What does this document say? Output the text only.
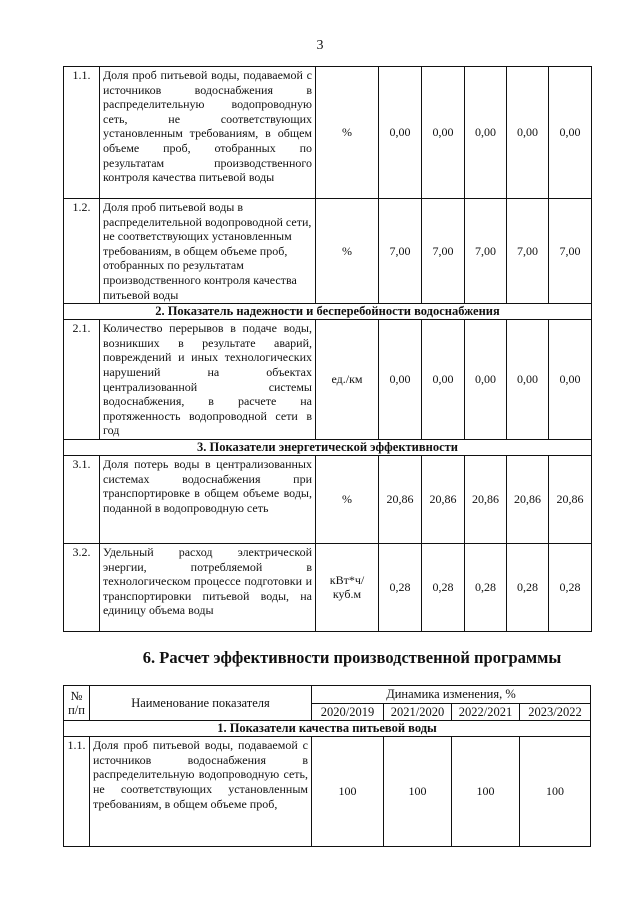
3
1.1.	Доля проб питьевой воды, подаваемой с источников водоснабжения в распределительную водопроводную сеть, не соответствующих установленным требованиям, в общем объеме проб, отобранных по результатам производственного контроля качества питьевой воды	%	0,00	0,00	0,00	0,00	0,00
1.2.	Доля проб питьевой воды в распределительной водопроводной сети, не соответствующих установленным требованиям, в общем объеме проб, отобранных по результатам производственного контроля качества питьевой воды	%	7,00	7,00	7,00	7,00	7,00
2. Показатель надежности и бесперебойности водоснабжения							
2.1.	Количество перерывов в подаче воды, возникших в результате аварий, повреждений и иных технологических нарушений на объектах централизованной системы водоснабжения, в расчете на протяженность водопроводной сети в год	ед./км	0,00	0,00	0,00	0,00	0,00
3. Показатели энергетической эффективности							
3.1.	Доля потерь воды в централизованных системах водоснабжения при транспортировке в общем объеме воды, поданной в водопроводную сеть	%	20,86	20,86	20,86	20,86	20,86
3.2.	Удельный расход электрической энергии, потребляемой в технологическом процессе подготовки и транспортировки питьевой воды, на единицу объема воды	кВт*ч/ куб.м	0,28	0,28	0,28	0,28	0,28
6. Расчет эффективности производственной программы
№ п/п	Наименование показателя	Динамика изменения, %			
		2020/2019	2021/2020	2022/2021	2023/2022
1. Показатели качества питьевой воды					
1.1.	Доля проб питьевой воды, подаваемой с источников водоснабжения в распределительную водопроводную сеть, не соответствующих установленным требованиям, в общем объеме проб,	100	100	100	100
